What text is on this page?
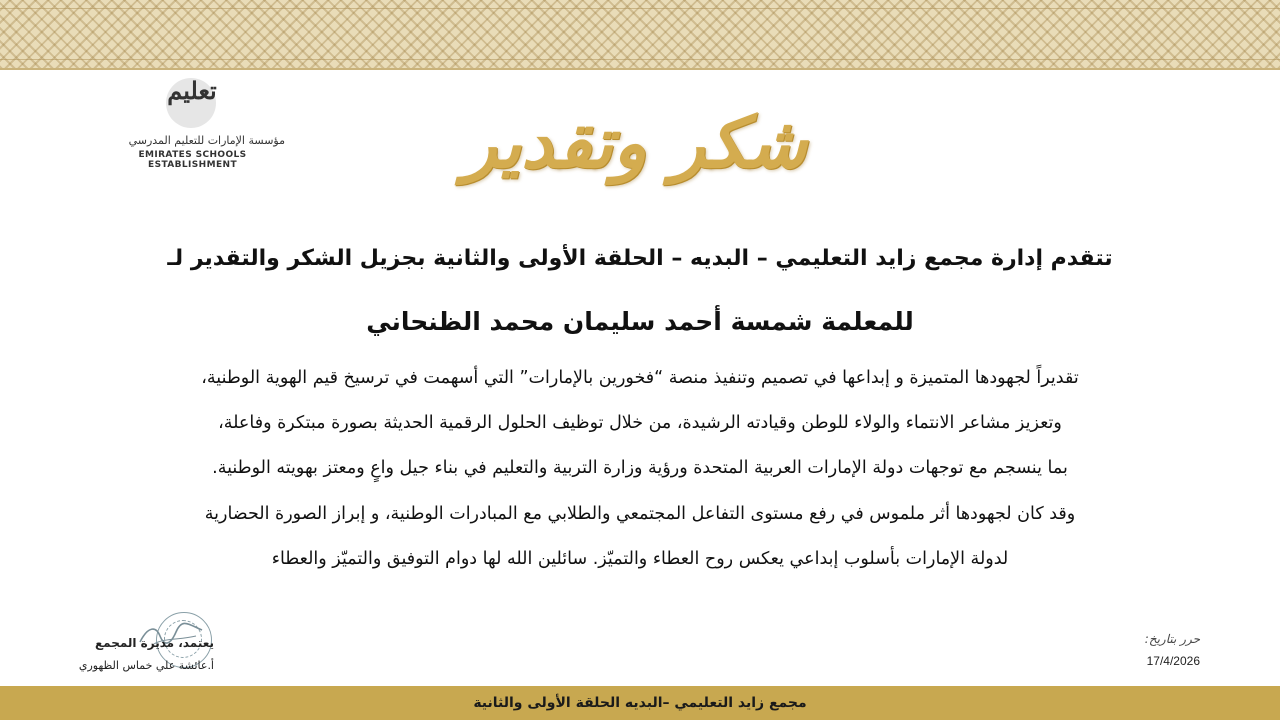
تعليم
مؤسسة الإمارات للتعليم المدرسي
EMIRATES SCHOOLS ESTABLISHMENT	شكر وتقدير
تتقدم إدارة مجمع زايد التعليمي – البديه – الحلقة الأولى والثانية بجزيل الشكر والتقدير لـ
للمعلمة شمسة أحمد سليمان محمد الظنحاني
تقديراً لجهودها المتميزة و إبداعها في تصميم وتنفيذ منصة “فخورين بالإمارات” التي أسهمت في ترسيخ قيم الهوية الوطنية،
وتعزيز مشاعر الانتماء والولاء للوطن وقيادته الرشيدة، من خلال توظيف الحلول الرقمية الحديثة بصورة مبتكرة وفاعلة،
بما ينسجم مع توجهات دولة الإمارات العربية المتحدة ورؤية وزارة التربية والتعليم في بناء جيل واعٍ ومعتز بهويته الوطنية.
وقد كان لجهودها أثر ملموس في رفع مستوى التفاعل المجتمعي والطلابي مع المبادرات الوطنية، و إبراز الصورة الحضارية
لدولة الإمارات بأسلوب إبداعي يعكس روح العطاء والتميّز. سائلين الله لها دوام التوفيق والتميّز والعطاء
يعتمد، مديرة المجمع
أ.عائشة علي خماس الظهوري
حرر بتاريخ:
17/4/2026
مجمع زايد التعليمي –البديه الحلقة الأولى والثانية
